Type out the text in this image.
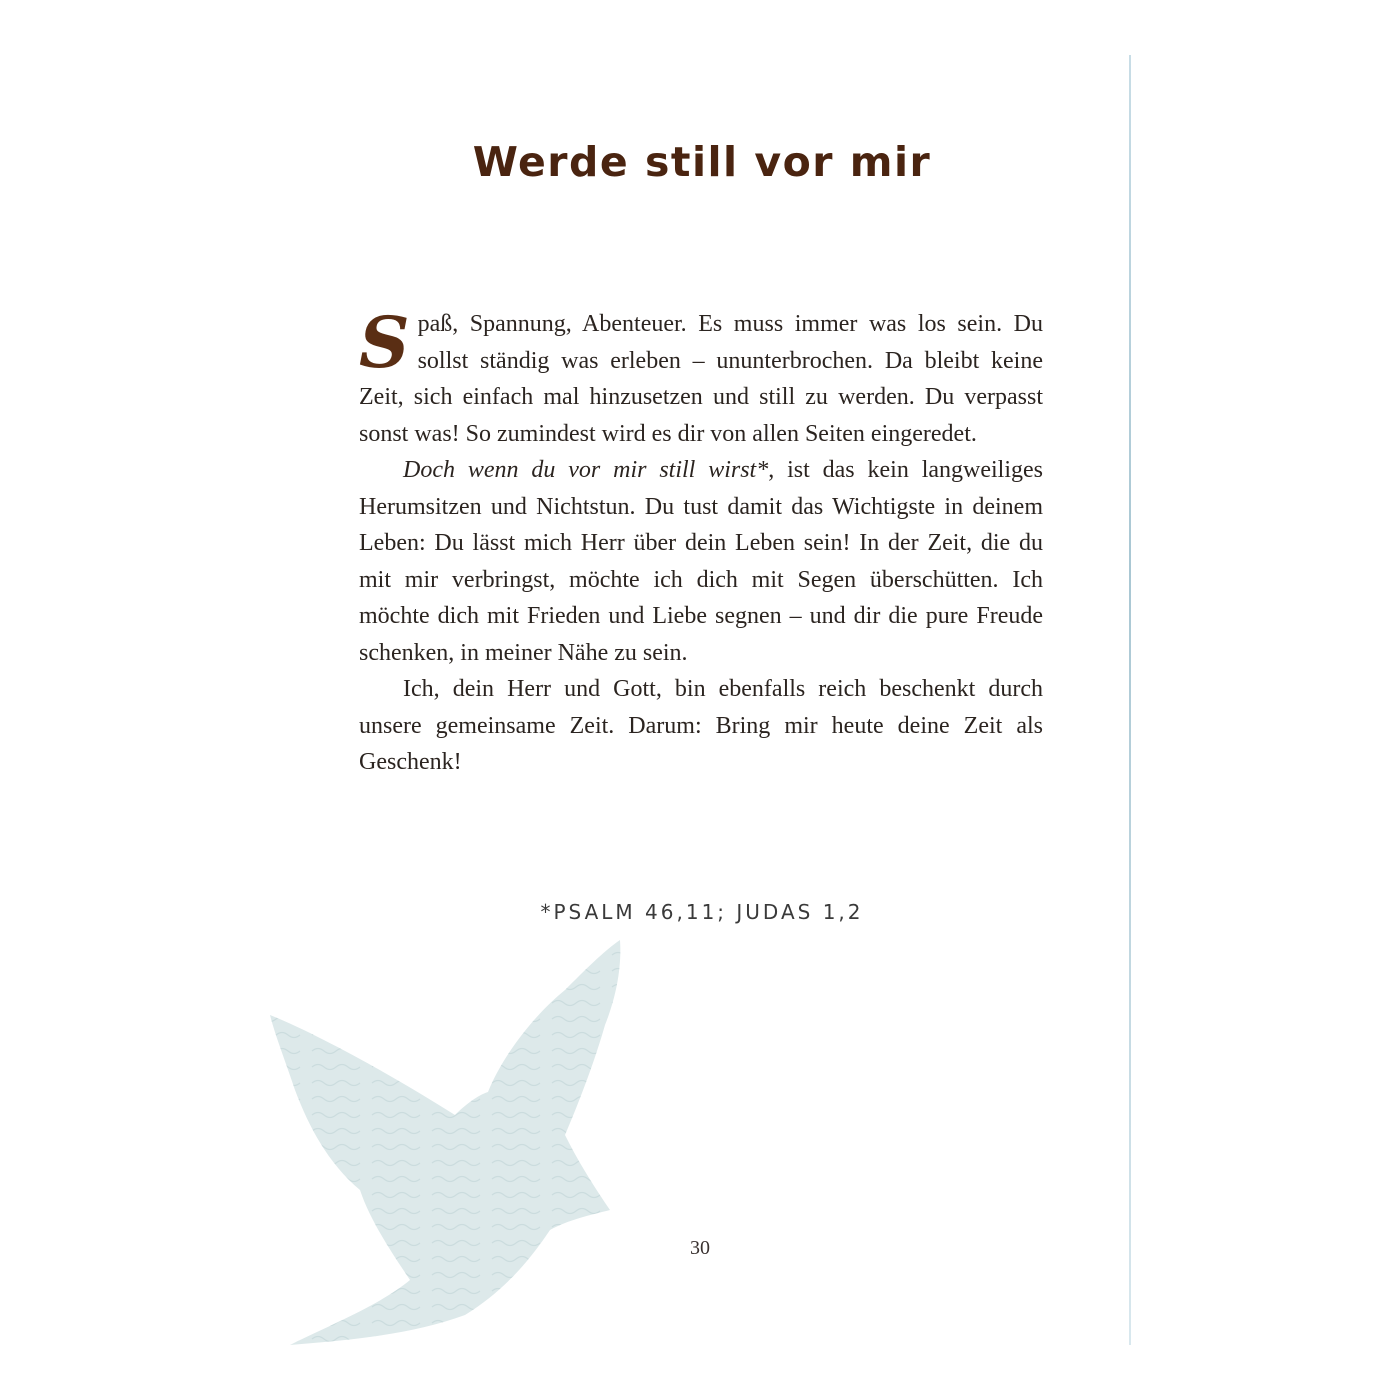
Werde still vor mir

Spaß, Spannung, Abenteuer. Es muss immer was los sein. Du sollst ständig was erleben – ununterbrochen. Da bleibt keine Zeit, sich einfach mal hinzusetzen und still zu werden. Du verpasst sonst was! So zumindest wird es dir von allen Seiten eingeredet.

Doch wenn du vor mir still wirst*, ist das kein langweiliges Herumsitzen und Nichtstun. Du tust damit das Wichtigste in deinem Leben: Du lässt mich Herr über dein Leben sein! In der Zeit, die du mit mir verbringst, möchte ich dich mit Segen überschütten. Ich möchte dich mit Frieden und Liebe segnen – und dir die pure Freude schenken, in meiner Nähe zu sein.

Ich, dein Herr und Gott, bin ebenfalls reich beschenkt durch unsere gemeinsame Zeit. Darum: Bring mir heute deine Zeit als Geschenk!

*PSALM 46,11; JUDAS 1,2
30
